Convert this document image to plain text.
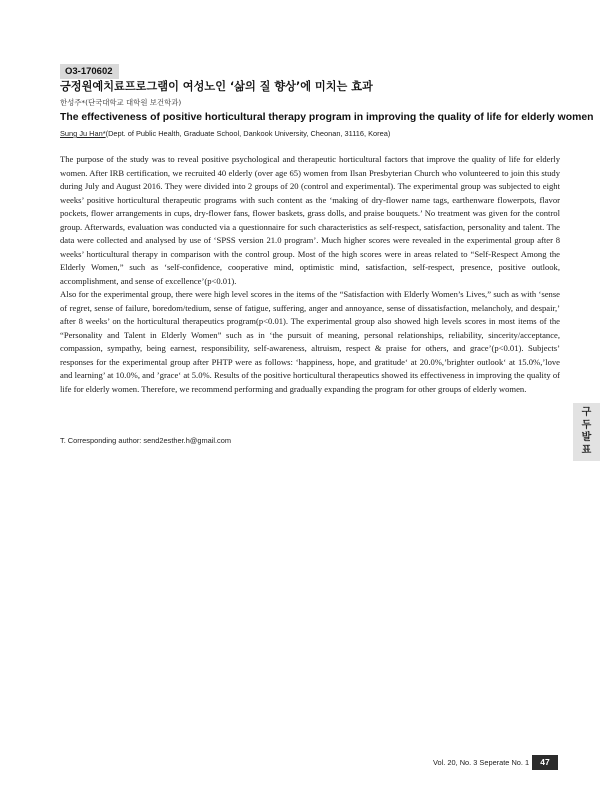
O3-170602
긍정원예치료프로그램이 여성노인 ‘삶의 질 향상’에 미치는 효과
한성주*(단국대학교 대학원 보건학과)
The effectiveness of positive horticultural therapy program in improving the quality of life for elderly women
Sung Ju Han*(Dept. of Public Health, Graduate School, Dankook University, Cheonan, 31116, Korea)

The purpose of the study was to reveal positive psychological and therapeutic horticultural factors that improve the quality of life for elderly women. After IRB certification, we recruited 40 elderly (over age 65) women from Ilsan Presbyterian Church who volunteered to join this study during July and August 2016. They were divided into 2 groups of 20 (control and experimental). The experimental group was subjected to eight weeks’ positive horticultural therapeutic programs with such content as the ‘making of dry-flower name tags, earthenware flowerpots, flavor pockets, flower arrangements in cups, dry-flower fans, flower baskets, grass dolls, and praise bouquets.’ No treatment was given for the control group. Afterwards, evaluation was conducted via a questionnaire for such characteristics as self-respect, satisfaction, personality and talent. The data were collected and analysed by use of ‘SPSS version 21.0 program’. Much higher scores were revealed in the experimental group after 8 weeks’ horticultural therapy in comparison with the control group. Most of the high scores were in areas related to “Self-Respect Among the Elderly Women,” such as ‘self-confidence, cooperative mind, optimistic mind, satisfaction, self-respect, presence, positive outlook, accomplishment, and sense of excellence’(p<0.01).

Also for the experimental group, there were high level scores in the items of the “Satisfaction with Elderly Women’s Lives,” such as with ‘sense of regret, sense of failure, boredom/tedium, sense of fatigue, suffering, anger and annoyance, sense of dissatisfaction, melancholy, and despair,’ after 8 weeks’ on the horticultural therapeutics program(p<0.01). The experimental group also showed high levels scores in most items of the “Personality and Talent in Elderly Women” such as in ‘the pursuit of meaning, personal relationships, reliability, sincerity/acceptance, compassion, sympathy, being earnest, responsibility, self-awareness, altruism, respect & praise for others, and grace’(p<0.01). Subjects’ responses for the experimental group after PHTP were as follows: ‘happiness, hope, and gratitude‘ at 20.0%,’brighter outlook‘ at 15.0%,’love and learning’ at 10.0%, and ’grace‘ at 5.0%. Results of the positive horticultural therapeutics showed its effectiveness in improving the quality of life for elderly women. Therefore, we recommend performing and gradually expanding the program for other groups of elderly women.

T. Corresponding author: send2esther.h@gmail.com
구
두
발
표
Vol. 20, No. 3 Seperate No. 1	47
